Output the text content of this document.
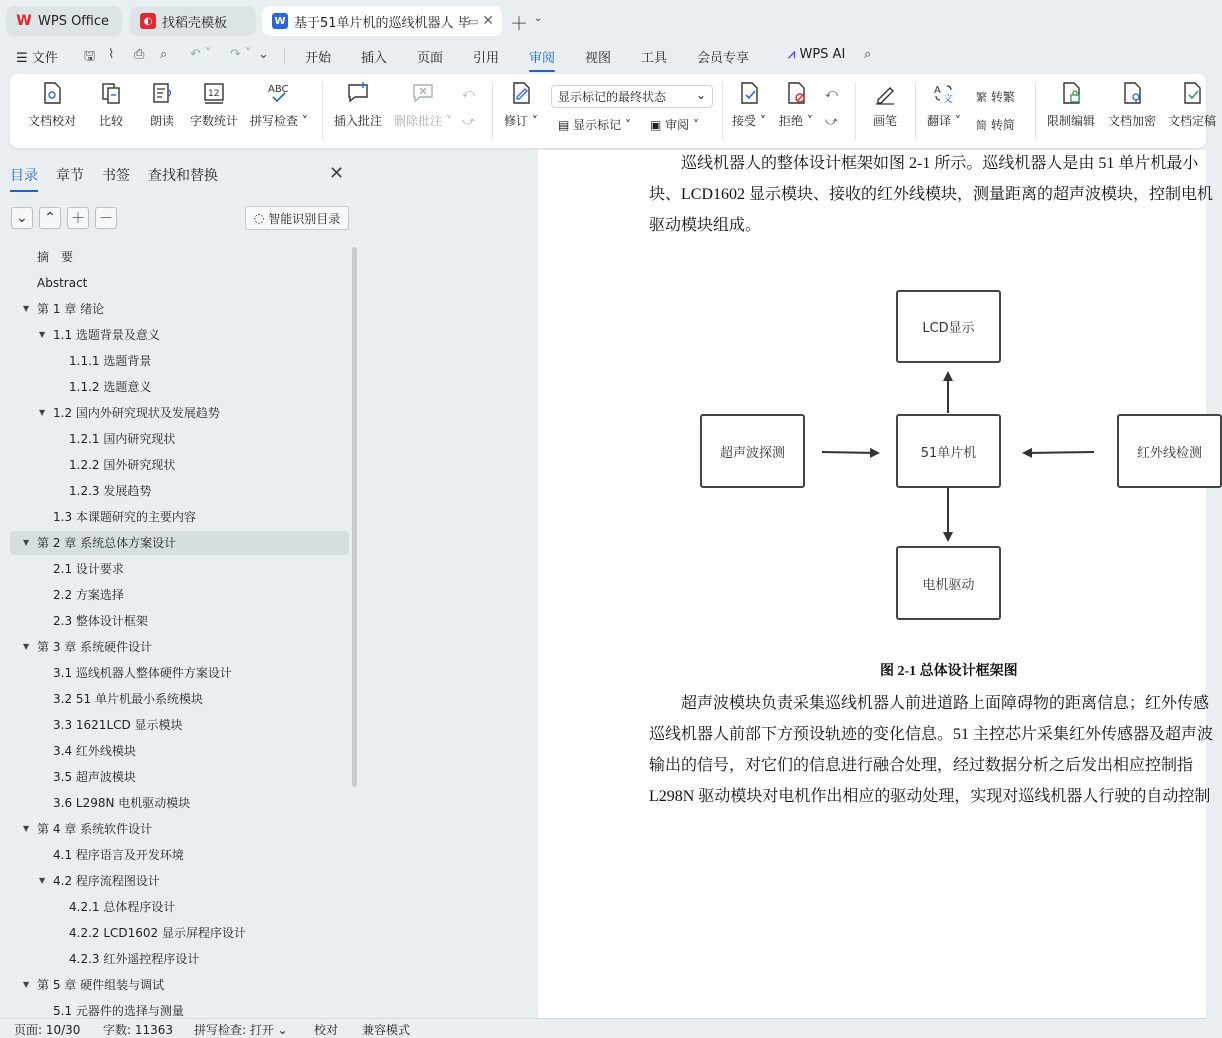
W WPS Office	◐ 找稻壳模板	W 基于51单片机的巡线机器人 毕
▭ ✕ ＋ ⌄
☰ 文件 🖫 ⌇ ⎙ ⌕ ↶ ˅ ↷ ˅ ⌄	开始 插入 页面 引用 审阅 视图 工具 会员专享	⩘ WPS AI ⌕
文档校对 比较 朗读
12
字数统计
ABC
拼写检查 ˅ 插入批注 删除批注 ˅
⤺
⤻ 修订 ˅
显示标记的最终状态 ⌄
▤
显示标记 ˅ ▣
审阅 ˅	接受 ˅ 拒绝 ˅
⤺
⤻	画笔
A
文
翻译 ˅
繁
转繁
简
转简	限制编辑 文档加密 文档定稿
目录 章节 书签 查找和替换	✕
⌄ ⌃ ＋ －	◌ 智能识别目录
摘　要
Abstract
▼ 第 1 章 绪论
▼ 1.1 选题背景及意义
1.1.1 选题背景
1.1.2 选题意义
▼ 1.2 国内外研究现状及发展趋势
1.2.1 国内研究现状
1.2.2 国外研究现状
1.2.3 发展趋势
1.3 本课题研究的主要内容
▼ 第 2 章 系统总体方案设计
2.1 设计要求
2.2 方案选择
2.3 整体设计框架
▼ 第 3 章 系统硬件设计
3.1 巡线机器人整体硬件方案设计
3.2 51 单片机最小系统模块
3.3 1621LCD 显示模块
3.4 红外线模块
3.5 超声波模块
3.6 L298N 电机驱动模块
▼ 第 4 章 系统软件设计
4.1 程序语言及开发环境
▼ 4.2 程序流程图设计
4.2.1 总体程序设计
4.2.2 LCD1602 显示屏程序设计
4.2.3 红外遥控程序设计
▼ 第 5 章 硬件组装与调试
5.1 元器件的选择与测量
巡线机器人的整体设计框架如图 2-1 所示。巡线机器人是由 51 单片机最小
块、LCD1602 显示模块、接收的红外线模块，测量距离的超声波模块，控制电机
驱动模块组成。
LCD显示
51单片机
超声波探测	红外线检测
电机驱动
图 2-1 总体设计框架图
超声波模块负责采集巡线机器人前进道路上面障碍物的距离信息；红外传感
巡线机器人前部下方预设轨迹的变化信息。51 主控芯片采集红外传感器及超声波
输出的信号，对它们的信息进行融合处理，经过数据分析之后发出相应控制指
L298N 驱动模块对电机作出相应的驱动处理，实现对巡线机器人行驶的自动控制
页面: 10/30 字数: 11363 拼写检查: 打开 ⌄ 校对 兼容模式
